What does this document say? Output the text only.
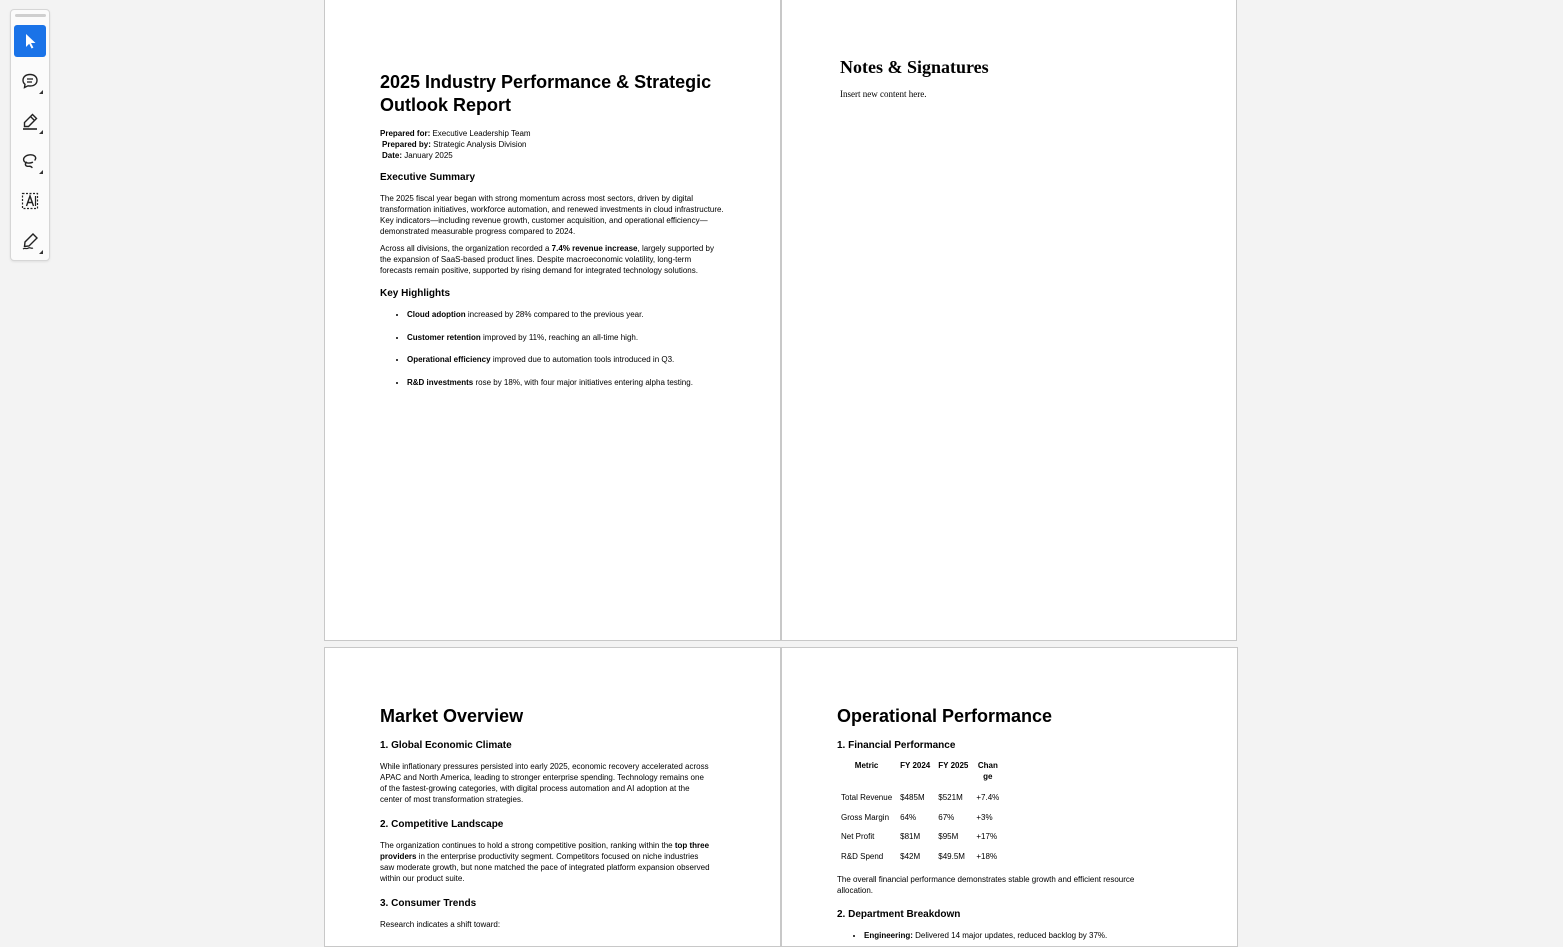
2025 Industry Performance & Strategic Outlook Report
Prepared for: Executive Leadership Team
Prepared by: Strategic Analysis Division
Date: January 2025
Executive Summary

The 2025 fiscal year began with strong momentum across most sectors, driven by digital transformation initiatives, workforce automation, and renewed investments in cloud infrastructure. Key indicators—including revenue growth, customer acquisition, and operational efficiency—demonstrated measurable progress compared to 2024.

Across all divisions, the organization recorded a 7.4% revenue increase, largely supported by the expansion of SaaS-based product lines. Despite macroeconomic volatility, long-term forecasts remain positive, supported by rising demand for integrated technology solutions.

Key Highlights
• Cloud adoption increased by 28% compared to the previous year.
• Customer retention improved by 11%, reaching an all-time high.
• Operational efficiency improved due to automation tools introduced in Q3.
• R&D investments rose by 18%, with four major initiatives entering alpha testing.
Notes & Signatures

Insert new content here.

Market Overview
1. Global Economic Climate

While inflationary pressures persisted into early 2025, economic recovery accelerated across APAC and North America, leading to stronger enterprise spending. Technology remains one of the fastest-growing categories, with digital process automation and AI adoption at the center of most transformation strategies.

2. Competitive Landscape

The organization continues to hold a strong competitive position, ranking within the top three providers in the enterprise productivity segment. Competitors focused on niche industries saw moderate growth, but none matched the pace of integrated platform expansion observed within our product suite.

3. Consumer Trends

Research indicates a shift toward:

Operational Performance
1. Financial Performance
Metric	FY 2024	FY 2025	Change
Total Revenue	$485M	$521M	+7.4%
Gross Margin	64%	67%	+3%
Net Profit	$81M	$95M	+17%
R&D Spend	$42M	$49.5M	+18%

The overall financial performance demonstrates stable growth and efficient resource allocation.

2. Department Breakdown
• Engineering: Delivered 14 major updates, reduced backlog by 37%.
